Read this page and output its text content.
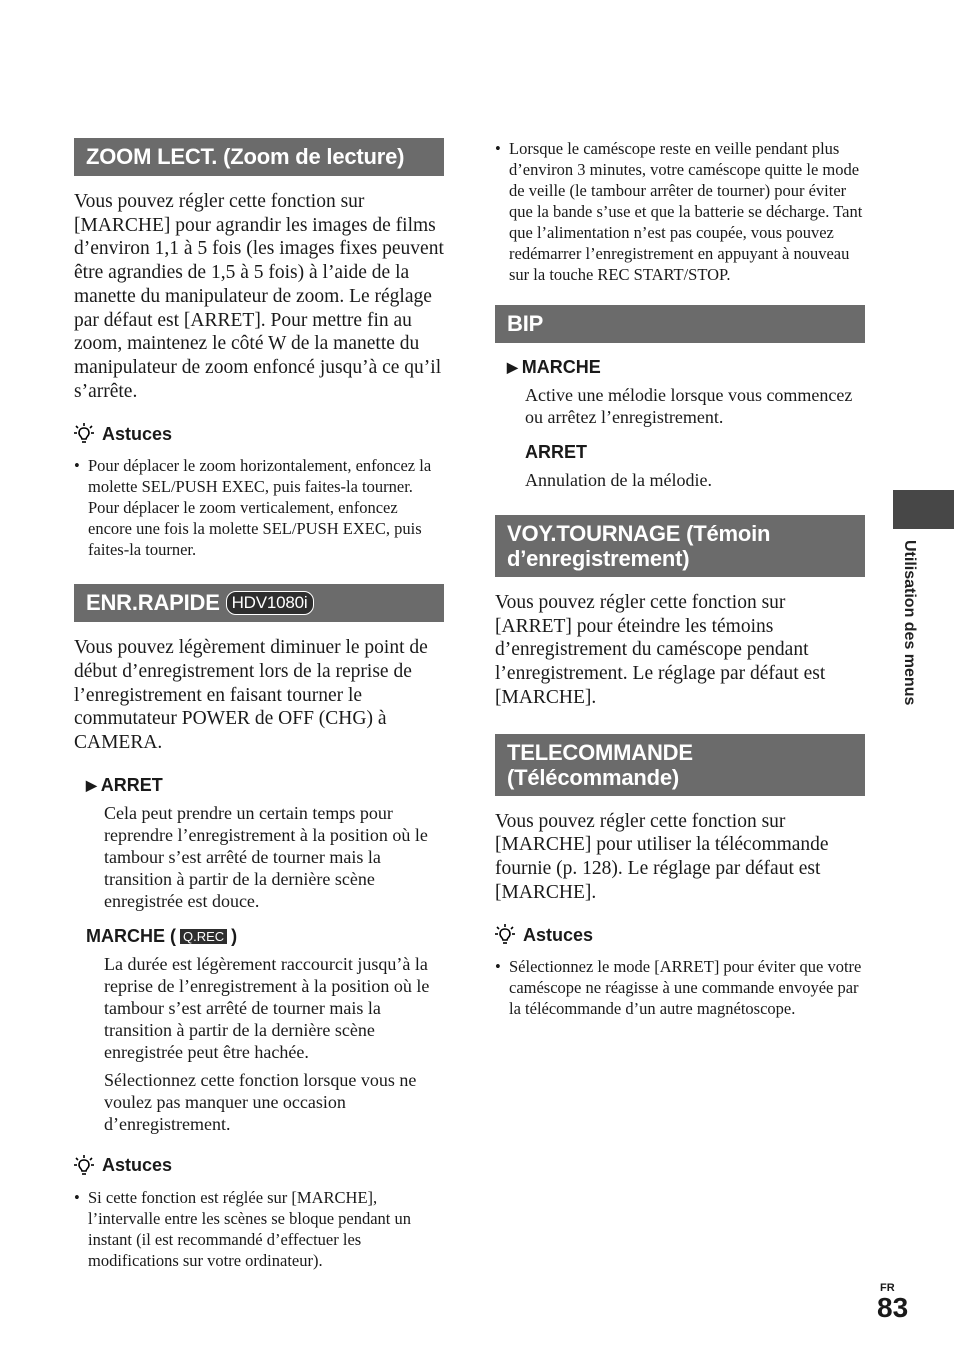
ZOOM LECT. (Zoom de lecture)

Vous pouvez régler cette fonction sur [MARCHE] pour agrandir les images de films d’environ 1,1 à 5 fois (les images fixes peuvent être agrandies de 1,5 à 5 fois) à l’aide de la manette du manipulateur de zoom. Le réglage par défaut est [ARRET]. Pour mettre fin au zoom, maintenez le côté W de la manette du manipulateur de zoom enfoncé jusqu’à ce qu’il s’arrête.

Astuces
• Pour déplacer le zoom horizontalement, enfoncez la molette SEL/PUSH EXEC, puis faites-la tourner. Pour déplacer le zoom verticalement, enfoncez encore une fois la molette SEL/PUSH EXEC, puis faites-la tourner.
ENR.RAPIDE HDV1080i

Vous pouvez légèrement diminuer le point de début d’enregistrement lors de la reprise de l’enregistrement en faisant tourner le commutateur POWER de OFF (CHG) à CAMERA.

▶ ARRET

Cela peut prendre un certain temps pour reprendre l’enregistrement à la position où le tambour s’est arrêté de tourner mais la transition à partir de la dernière scène enregistrée est douce.

MARCHE ( Q.REC )

La durée est légèrement raccourcit jusqu’à la reprise de l’enregistrement à la position où le tambour s’est arrêté de tourner mais la transition à partir de la dernière scène enregistrée peut être hachée.

Sélectionnez cette fonction lorsque vous ne voulez pas manquer une occasion d’enregistrement.

Astuces
• Si cette fonction est réglée sur [MARCHE], l’intervalle entre les scènes se bloque pendant un instant (il est recommandé d’effectuer les modifications sur votre ordinateur).
• Lorsque le caméscope reste en veille pendant plus d’environ 3 minutes, votre caméscope quitte le mode de veille (le tambour arrêter de tourner) pour éviter que la bande s’use et que la batterie se décharge. Tant que l’alimentation n’est pas coupée, vous pouvez redémarrer l’enregistrement en appuyant à nouveau sur la touche REC START/STOP.
BIP
▶ MARCHE

Active une mélodie lorsque vous commencez ou arrêtez l’enregistrement.

ARRET

Annulation de la mélodie.

VOY.TOURNAGE (Témoin
d’enregistrement)

Vous pouvez régler cette fonction sur [ARRET] pour éteindre les témoins d’enregistrement du caméscope pendant l’enregistrement. Le réglage par défaut est [MARCHE].

TELECOMMANDE
(Télécommande)

Vous pouvez régler cette fonction sur [MARCHE] pour utiliser la télécommande fournie (p. 128). Le réglage par défaut est [MARCHE].

Astuces
• Sélectionnez le mode [ARRET] pour éviter que votre caméscope ne réagisse à une commande envoyée par la télécommande d’un autre magnétoscope.
Utilisation des menus
FR
83
